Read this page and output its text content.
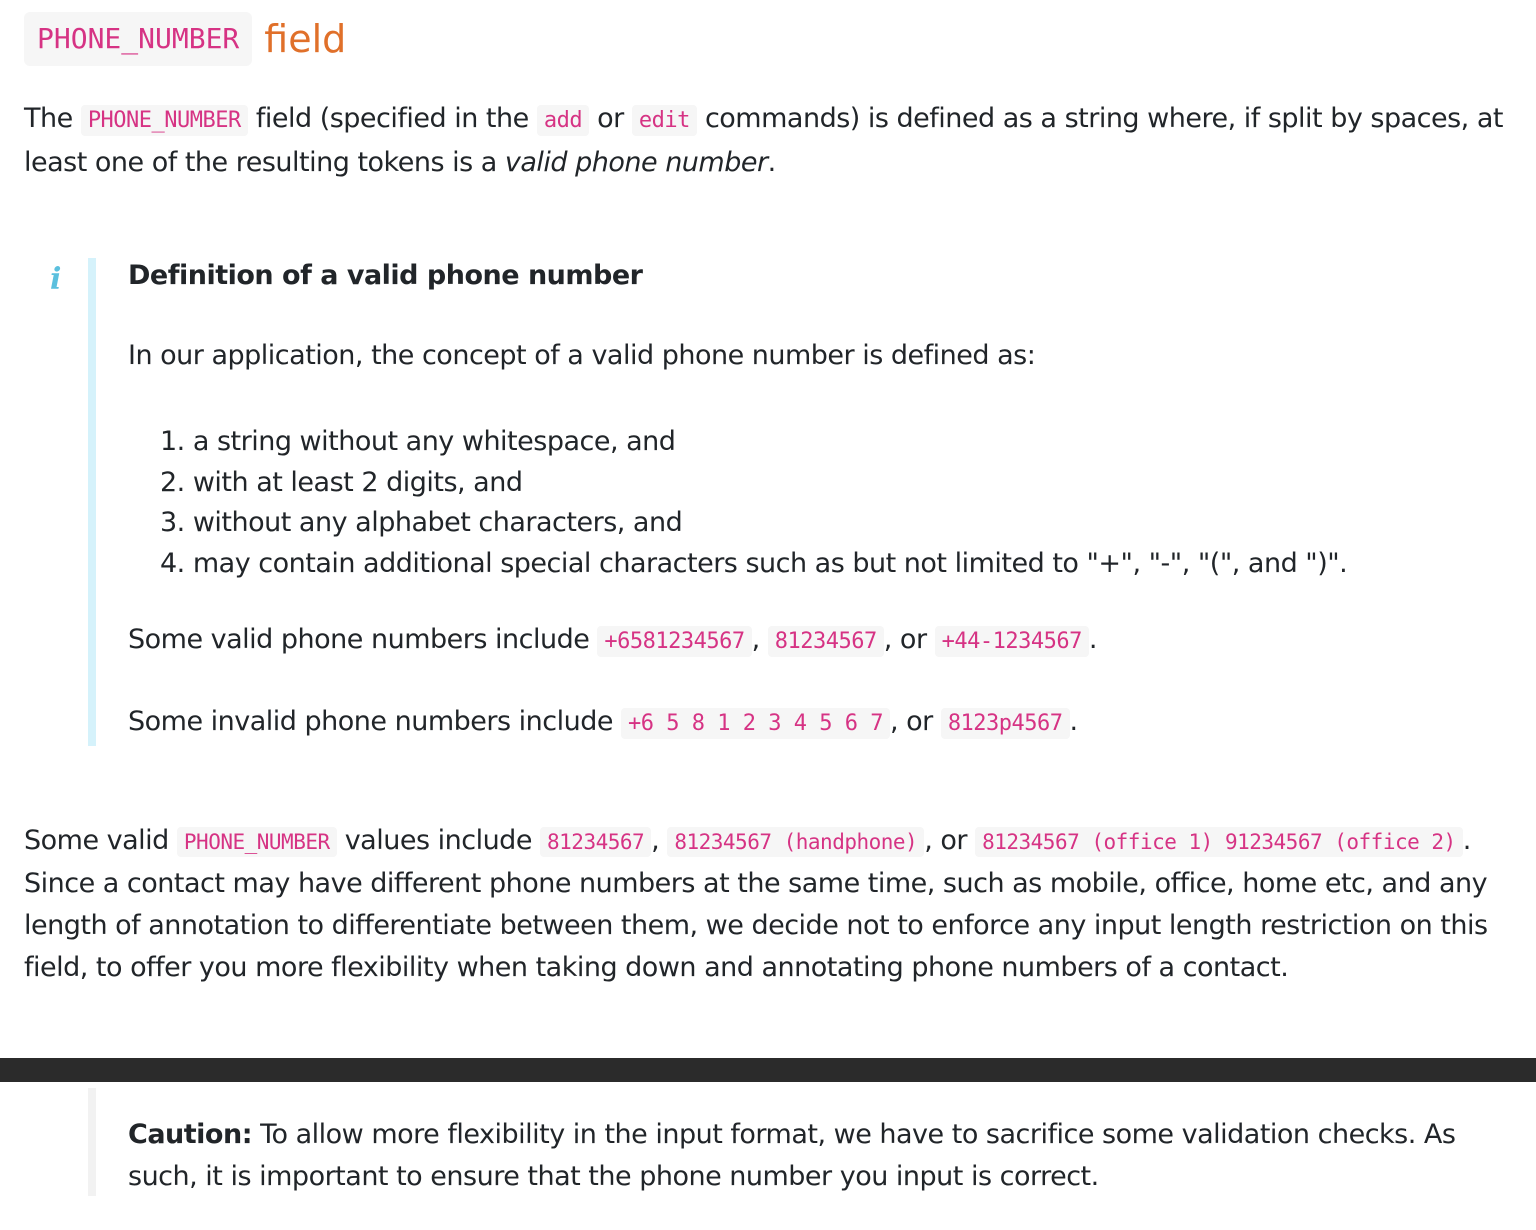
PHONE_NUMBER field
The PHONE_NUMBER field (specified in the add or edit commands) is defined as a string where, if split by spaces, at least one of the resulting tokens is a valid phone number.
i Definition of a valid phone number
In our application, the concept of a valid phone number is defined as:
1. a string without any whitespace, and
2. with at least 2 digits, and
3. without any alphabet characters, and
4. may contain additional special characters such as but not limited to "+", "-", "(", and ")".
Some valid phone numbers include +6581234567 , 81234567 , or +44-1234567 .
Some invalid phone numbers include +6 5 8 1 2 3 4 5 6 7 , or 8123p4567 .
Some valid PHONE_NUMBER values include 81234567 , 81234567 (handphone) , or 81234567 (office 1) 91234567 (office 2) . Since a contact may have different phone numbers at the same time, such as mobile, office, home etc, and any length of annotation to differentiate between them, we decide not to enforce any input length restriction on this field, to offer you more flexibility when taking down and annotating phone numbers of a contact.
Caution: To allow more flexibility in the input format, we have to sacrifice some validation checks. As such, it is important to ensure that the phone number you input is correct.
